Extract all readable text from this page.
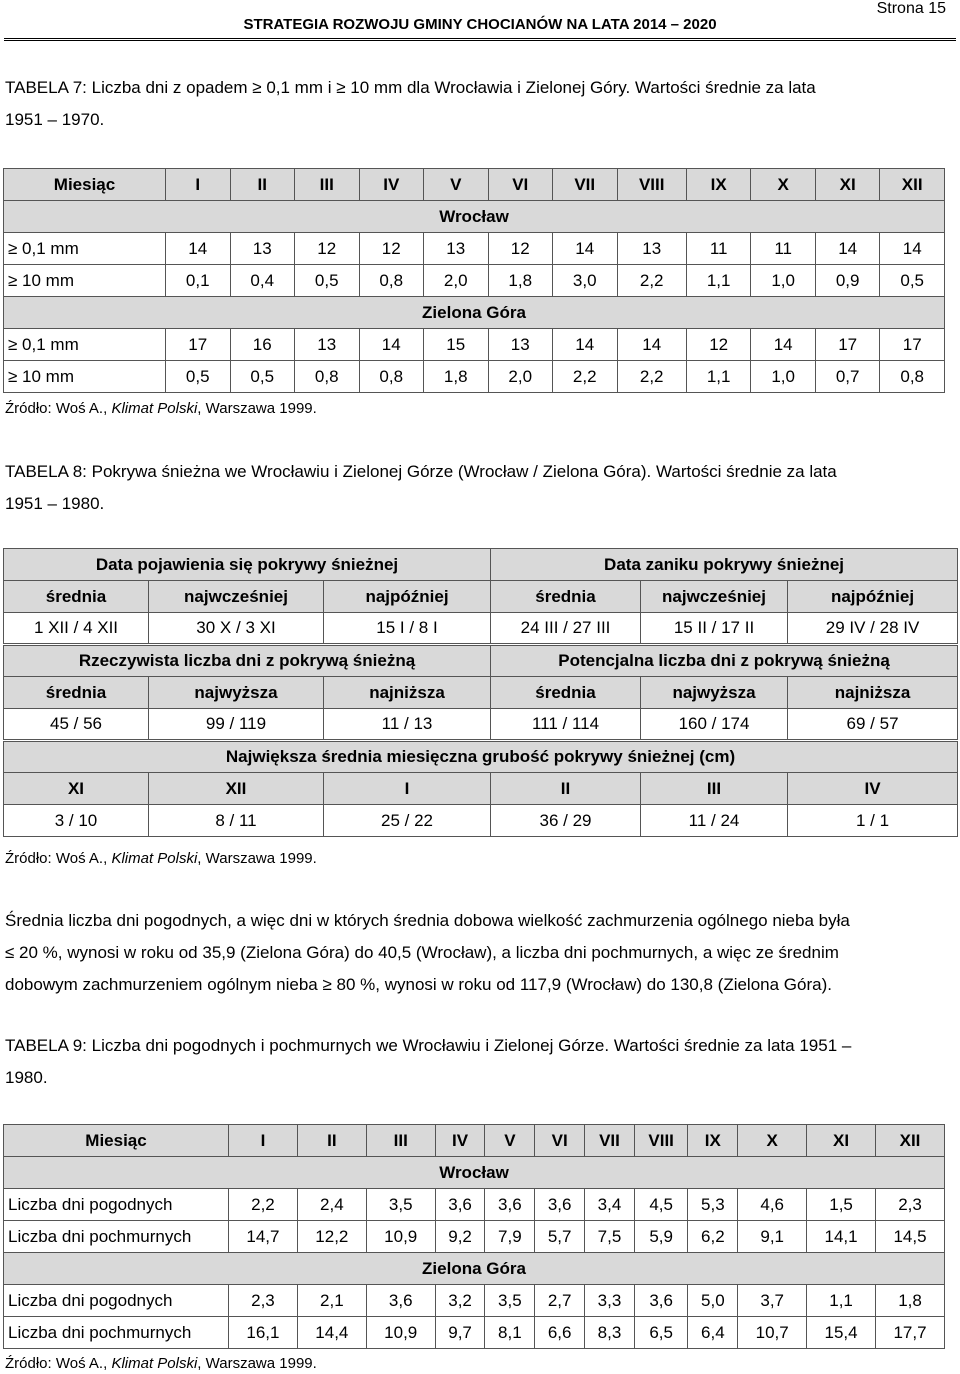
Strona 15
STRATEGIA ROZWOJU GMINY CHOCIANÓW NA LATA 2014 – 2020
TABELA 7: Liczba dni z opadem ≥ 0,1 mm i ≥ 10 mm dla Wrocławia i Zielonej Góry. Wartości średnie za lata
1951 – 1970.
Miesiąc	I	II	III	IV	V	VI	VII	VIII	IX	X	XI	XII
Wrocław												
≥ 0,1 mm	14	13	12	12	13	12	14	13	11	11	14	14
≥ 10 mm	0,1	0,4	0,5	0,8	2,0	1,8	3,0	2,2	1,1	1,0	0,9	0,5
Zielona Góra												
≥ 0,1 mm	17	16	13	14	15	13	14	14	12	14	17	17
≥ 10 mm	0,5	0,5	0,8	0,8	1,8	2,0	2,2	2,2	1,1	1,0	0,7	0,8
Źródło: Woś A., Klimat Polski, Warszawa 1999.
TABELA 8: Pokrywa śnieżna we Wrocławiu i Zielonej Górze (Wrocław / Zielona Góra). Wartości średnie za lata
1951 – 1980.
Data pojawienia się pokrywy śnieżnej			Data zaniku pokrywy śnieżnej		
średnia	najwcześniej	najpóźniej	średnia	najwcześniej	najpóźniej
1 XII / 4 XII	30 X / 3 XI	15 I / 8 I	24 III / 27 III	15 II / 17 II	29 IV / 28 IV
Rzeczywista liczba dni z pokrywą śnieżną			Potencjalna liczba dni z pokrywą śnieżną		
średnia	najwyższa	najniższa	średnia	najwyższa	najniższa
45 / 56	99 / 119	11 / 13	111 / 114	160 / 174	69 / 57
Największa średnia miesięczna grubość pokrywy śnieżnej (cm)					
XI	XII	I	II	III	IV
3 / 10	8 / 11	25 / 22	36 / 29	11 / 24	1 / 1
Źródło: Woś A., Klimat Polski, Warszawa 1999.
Średnia liczba dni pogodnych, a więc dni w których średnia dobowa wielkość zachmurzenia ogólnego nieba była
≤ 20 %, wynosi w roku od 35,9 (Zielona Góra) do 40,5 (Wrocław), a liczba dni pochmurnych, a więc ze średnim
dobowym zachmurzeniem ogólnym nieba ≥ 80 %, wynosi w roku od 117,9 (Wrocław) do 130,8 (Zielona Góra).
TABELA 9: Liczba dni pogodnych i pochmurnych we Wrocławiu i Zielonej Górze. Wartości średnie za lata 1951 –
1980.
Miesiąc	I	II	III	IV	V	VI	VII	VIII	IX	X	XI	XII
Wrocław												
Liczba dni pogodnych	2,2	2,4	3,5	3,6	3,6	3,6	3,4	4,5	5,3	4,6	1,5	2,3
Liczba dni pochmurnych	14,7	12,2	10,9	9,2	7,9	5,7	7,5	5,9	6,2	9,1	14,1	14,5
Zielona Góra												
Liczba dni pogodnych	2,3	2,1	3,6	3,2	3,5	2,7	3,3	3,6	5,0	3,7	1,1	1,8
Liczba dni pochmurnych	16,1	14,4	10,9	9,7	8,1	6,6	8,3	6,5	6,4	10,7	15,4	17,7
Źródło: Woś A., Klimat Polski, Warszawa 1999.
